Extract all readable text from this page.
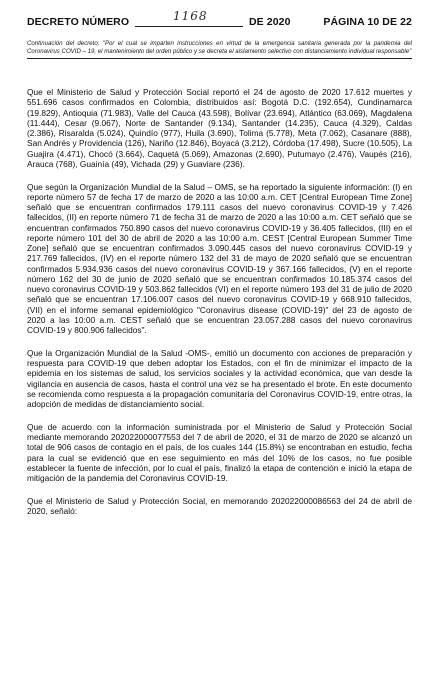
DECRETO NÚMERO	1168	DE 2020	PÁGINA 10 DE 22
Continuación del decreto: "Por el cual se imparten instrucciones en virtud de la emergencia sanitaria generada por la pandemia del Coronavirus COVID – 19, el mantenimiento del orden público y se decreta el aislamiento selectivo con distanciamiento individual responsable"

Que el Ministerio de Salud y Protección Social reportó el 24 de agosto de 2020 17.612 muertes y 551.696 casos confirmados en Colombia, distribuidos así: Bogotá D.C. (192.654), Cundinamarca (19.829), Antioquia (71.983), Valle del Cauca (43.598), Bolívar (23.694), Atlántico (63.069), Magdalena (11.444), Cesar (9.067), Norte de Santander (9.134), Santander (14.235), Cauca (4.329), Caldas (2.386), Risaralda (5.024), Quindío (977), Huila (3.690), Tolima (5.778), Meta (7.062), Casanare (888), San Andrés y Providencia (126), Nariño (12.846), Boyacá (3.212), Córdoba (17.498), Sucre (10.505), La Guajira (4.471), Chocó (3.664), Caquetá (5.069), Amazonas (2.690), Putumayo (2.476), Vaupés (216), Arauca (768), Guainía (49), Vichada (29) y Guaviare (236).

Que según la Organización Mundial de la Salud – OMS, se ha reportado la siguiente información: (I) en reporte número 57 de fecha 17 de marzo de 2020 a las 10:00 a.m. CET [Central European Time Zone] señaló que se encuentran confirmados 179.111 casos del nuevo coronavirus COVID-19 y 7.426 fallecidos, (II) en reporte número 71 de fecha 31 de marzo de 2020 a las 10:00 a.m. CET señaló que se encuentran confirmados 750.890 casos del nuevo coronavirus COVID-19 y 36.405 fallecidos, (III) en el reporte número 101 del 30 de abril de 2020 a las 10:00 a.m. CEST [Central European Summer Time Zone] señaló que se encuentran confirmados 3.090.445 casos del nuevo coronavirus COVID-19 y 217.769 fallecidos, (IV) en el reporte número 132 del 31 de mayo de 2020 señaló que se encuentran confirmados 5.934.936 casos del nuevo coronavirus COVID-19 y 367.166 fallecidos, (V) en el reporte número 162 del 30 de junio de 2020 señaló que se encuentran confirmados 10.185.374 casos del nuevo coronavirus COVID-19 y 503.862 fallecidos (VI) en el reporte número 193 del 31 de julio de 2020 señaló que se encuentran 17.106.007 casos del nuevo coronavirus COVID-19 y 668.910 fallecidos, (VII) en el informe semanal epidemiológico "Coronavirus disease (COVID-19)" del 23 de agosto de 2020 a las 10:00 a.m. CEST señaló que se encuentran 23.057.288 casos del nuevo coronavirus COVID-19 y 800.906 fallecidos".

Que la Organización Mundial de la Salud -OMS-, emitió un documento con acciones de preparación y respuesta para COVID-19 que deben adoptar los Estados, con el fin de minimizar el impacto de la epidemia en los sistemas de salud, los servicios sociales y la actividad económica, que van desde la vigilancia en ausencia de casos, hasta el control una vez se ha presentado el brote. En este documento se recomienda como respuesta a la propagación comunitaria del Coronavirus COVID-19, entre otras, la adopción de medidas de distanciamiento social.

Que de acuerdo con la información suministrada por el Ministerio de Salud y Protección Social mediante memorando 202022000077553 del 7 de abril de 2020, el 31 de marzo de 2020 se alcanzó un total de 906 casos de contagio en el país, de los cuales 144 (15.8%) se encontraban en estudio, fecha para la cual se evidenció que en ese seguimiento en más del 10% de los casos, no fue posible establecer la fuente de infección, por lo cual el país, finalizó la etapa de contención e inició la etapa de mitigación de la pandemia del Coronavirus COVID-19.

Que el Ministerio de Salud y Protección Social, en memorando 202022000086563 del 24 de abril de 2020, señaló:
